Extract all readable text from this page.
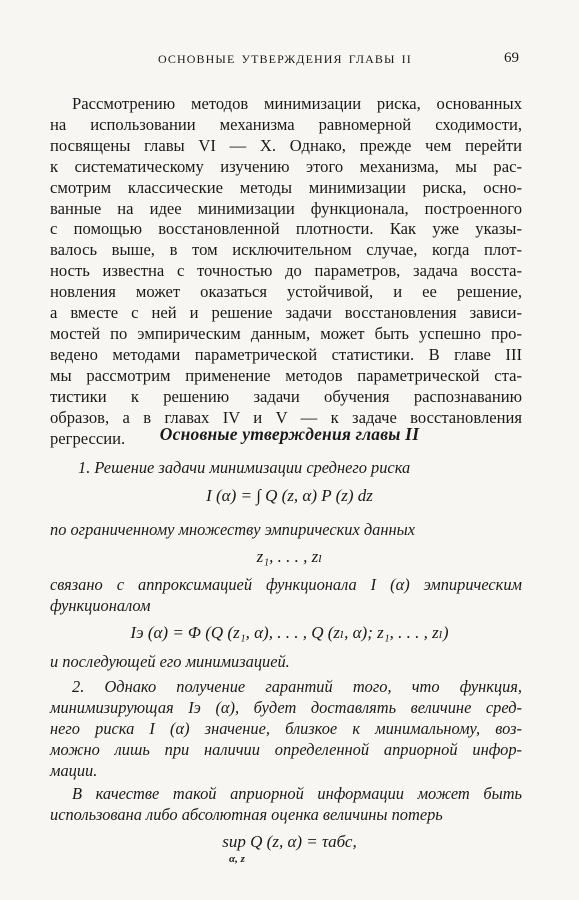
ОСНОВНЫЕ УТВЕРЖДЕНИЯ ГЛАВЫ II	69
Рассмотрению методов минимизации риска, основанных
на использовании механизма равномерной сходимости,
посвящены главы VI — X. Однако, прежде чем перейти
к систематическому изучению этого механизма, мы рас-
смотрим классические методы минимизации риска, осно-
ванные на идее минимизации функционала, построенного
с помощью восстановленной плотности. Как уже указы-
валось выше, в том исключительном случае, когда плот-
ность известна с точностью до параметров, задача восста-
новления может оказаться устойчивой, и ее решение,
а вместе с ней и решение задачи восстановления зависи-
мостей по эмпирическим данным, может быть успешно про-
ведено методами параметрической статистики. В главе III
мы рассмотрим применение методов параметрической ста-
тистики к решению задачи обучения распознаванию
образов, а в главах IV и V — к задаче восстановления
регрессии.	Основные утверждения главы II
1. Решение задачи минимизации среднего риска
I (α) = ∫ Q (z, α) P (z) dz
по ограниченному множеству эмпирических данных
z₁, . . . , zₗ
связано с аппроксимацией функционала I (α) эмпирическим
функционалом
Iэ (α) = Φ (Q (z₁, α), . . . , Q (zₗ, α); z₁, . . . , zₗ)
и последующей его минимизацией.
2. Однако получение гарантий того, что функция,
минимизирующая Iэ (α), будет доставлять величине сред-
него риска I (α) значение, близкое к минимальному, воз-
можно лишь при наличии определенной априорной инфор-
мации.
В качестве такой априорной информации может быть
использована либо абсолютная оценка величины потерь
sup Q (z, α) = τабс,
α, z
